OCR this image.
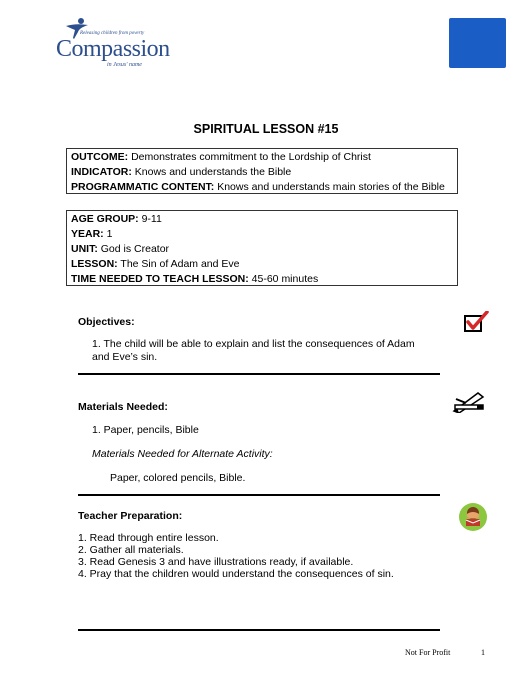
Releasing children from poverty
Compassion
in Jesus' name
SPIRITUAL LESSON #15
OUTCOME: Demonstrates commitment to the Lordship of Christ
INDICATOR: Knows and understands the Bible
PROGRAMMATIC CONTENT: Knows and understands main stories of the Bible
AGE GROUP: 9-11
YEAR: 1
UNIT: God is Creator
LESSON: The Sin of Adam and Eve
TIME NEEDED TO TEACH LESSON: 45-60 minutes
Objectives:
1. The child will be able to explain and list the consequences of Adam and Eve’s sin.
Materials Needed:
1. Paper, pencils, Bible
Materials Needed for Alternate Activity:
Paper, colored pencils, Bible.
Teacher Preparation:
1. Read through entire lesson.
2. Gather all materials.
3. Read Genesis 3 and have illustrations ready, if available.
4. Pray that the children would understand the consequences of sin.
Not For Profit	1
